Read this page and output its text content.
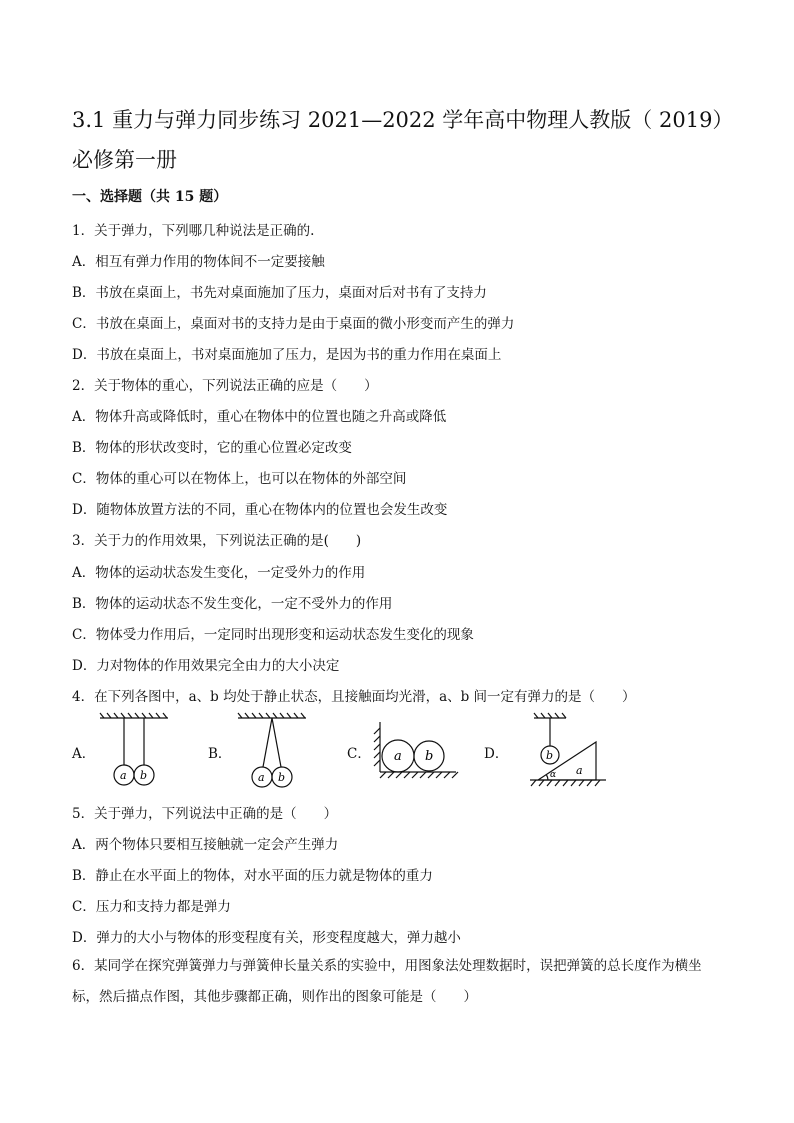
3.1 重力与弹力同步练习 2021—2022 学年高中物理人教版（ 2019）必修第一册
一、选择题（共 15 题）
1．关于弹力，下列哪几种说法是正确的.
A．相互有弹力作用的物体间不一定要接触
B．书放在桌面上，书先对桌面施加了压力，桌面对后对书有了支持力
C．书放在桌面上，桌面对书的支持力是由于桌面的微小形变而产生的弹力
D．书放在桌面上，书对桌面施加了压力，是因为书的重力作用在桌面上
2．关于物体的重心，下列说法正确的应是（　　）
A．物体升高或降低时，重心在物体中的位置也随之升高或降低
B．物体的形状改变时，它的重心位置必定改变
C．物体的重心可以在物体上，也可以在物体的外部空间
D．随物体放置方法的不同，重心在物体内的位置也会发生改变
3．关于力的作用效果，下列说法正确的是(　　)
A．物体的运动状态发生变化，一定受外力的作用
B．物体的运动状态不发生变化，一定不受外力的作用
C．物体受力作用后，一定同时出现形变和运动状态发生变化的现象
D．力对物体的作用效果完全由力的大小决定
4．在下列各图中，a、b 均处于静止状态，且接触面均光滑，a、b 间一定有弹力的是（　　）
A．
a b
B．
a b
C． a b	D．	b
a
α
5．关于弹力，下列说法中正确的是（　　）
A．两个物体只要相互接触就一定会产生弹力
B．静止在水平面上的物体，对水平面的压力就是物体的重力
C．压力和支持力都是弹力
D．弹力的大小与物体的形变程度有关，形变程度越大，弹力越小
6．某同学在探究弹簧弹力与弹簧伸长量关系的实验中，用图象法处理数据时，误把弹簧的总长度作为横坐标，然后描点作图，其他步骤都正确，则作出的图象可能是（　　）
